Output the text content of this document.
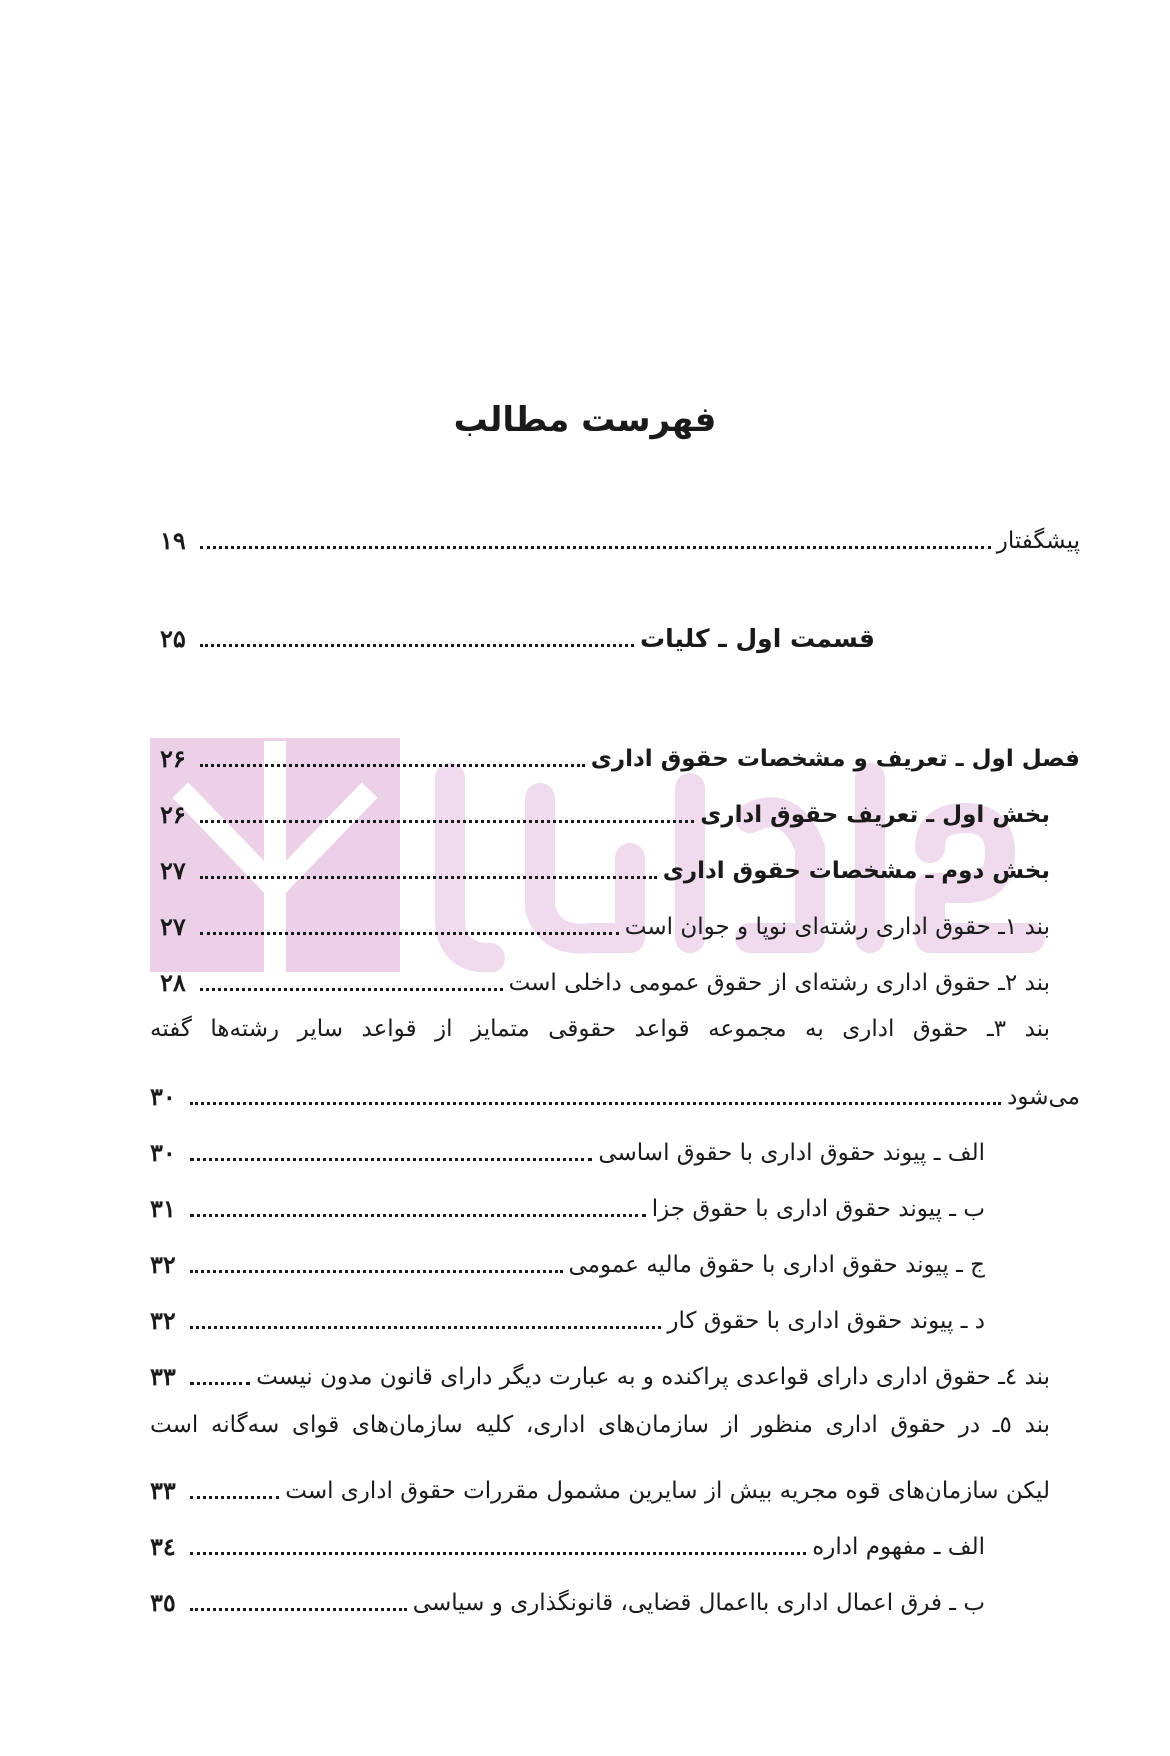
فهرست مطالب
پیشگفتار
۱۹
قسمت اول ـ کلیات
۲۵
فصل اول ـ تعریف و مشخصات حقوق اداری
۲۶
بخش اول ـ تعریف حقوق اداری
۲۶
بخش دوم ـ مشخصات حقوق اداری
۲۷
بند ۱ـ حقوق اداری رشته‌ای نوپا و جوان است
۲۷
بند ۲ـ حقوق اداری رشته‌ای از حقوق عمومی داخلی است
۲۸
بند ۳ـ حقوق اداری به مجموعه قواعد حقوقی متمایز از قواعد سایر رشته‌ها گفته
می‌شود
۳۰
الف ـ پیوند حقوق اداری با حقوق اساسی
۳۰
ب ـ پیوند حقوق اداری با حقوق جزا
۳۱
ج ـ پیوند حقوق اداری با حقوق مالیه عمومی
۳۲
د ـ پیوند حقوق اداری با حقوق کار
۳۲
بند ٤ـ حقوق اداری دارای قواعدی پراکنده و به عبارت دیگر دارای قانون مدون نیست
۳۳
بند ٥ـ در حقوق اداری منظور از سازمان‌های اداری، کلیه سازمان‌های قوای سه‌گانه است
لیکن سازمان‌های قوه مجریه بیش از سایرین مشمول مقررات حقوق اداری است
۳۳
الف ـ مفهوم اداره
۳٤
ب ـ فرق اعمال اداری بااعمال قضایی، قانونگذاری و سیاسی
۳٥
